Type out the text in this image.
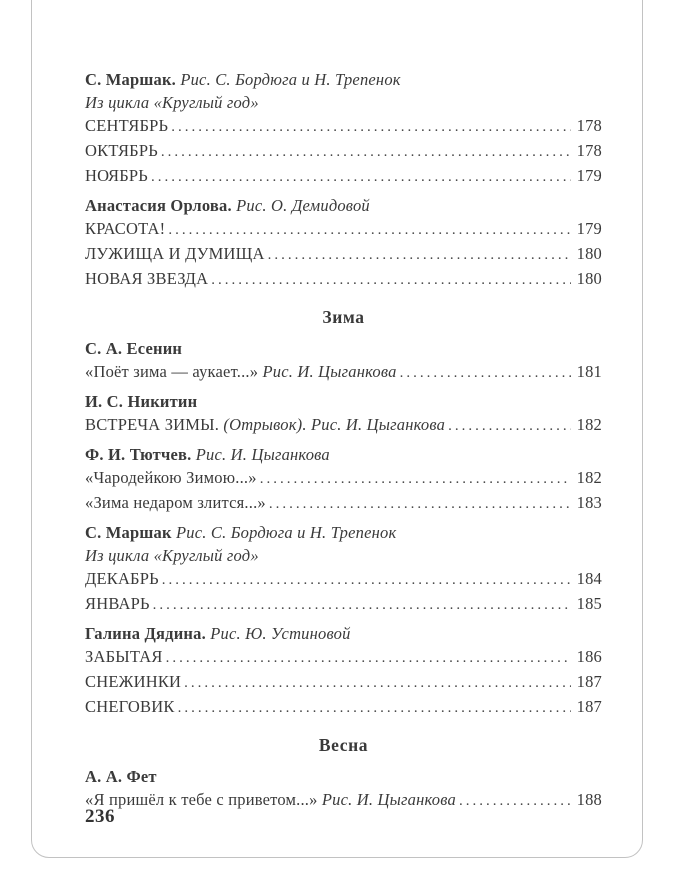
С. Маршак. Рис. С. Бордюга и Н. Трепенок
Из цикла «Круглый год»
СЕНТЯБРЬ .....	178
ОКТЯБРЬ .....	178
НОЯБРЬ .....	179
Анастасия Орлова. Рис. О. Демидовой
КРАСОТА! .....	179
ЛУЖИЩА И ДУМИЩА .....	180
НОВАЯ ЗВЕЗДА .....	180
Зима
С. А. Есенин
«Поёт зима — аукает...» Рис. И. Цыганкова .....	181
И. С. Никитин
ВСТРЕЧА ЗИМЫ. (Отрывок). Рис. И. Цыганкова .....	182
Ф. И. Тютчев. Рис. И. Цыганкова
«Чародейкою Зимою...» .....	182
«Зима недаром злится...» .....	183
С. Маршак Рис. С. Бордюга и Н. Трепенок
Из цикла «Круглый год»
ДЕКАБРЬ .....	184
ЯНВАРЬ .....	185
Галина Дядина. Рис. Ю. Устиновой
ЗАБЫТАЯ .....	186
СНЕЖИНКИ .....	187
СНЕГОВИК .....	187
Весна
А. А. Фет
«Я пришёл к тебе с приветом...» Рис. И. Цыганкова .....	188
236
